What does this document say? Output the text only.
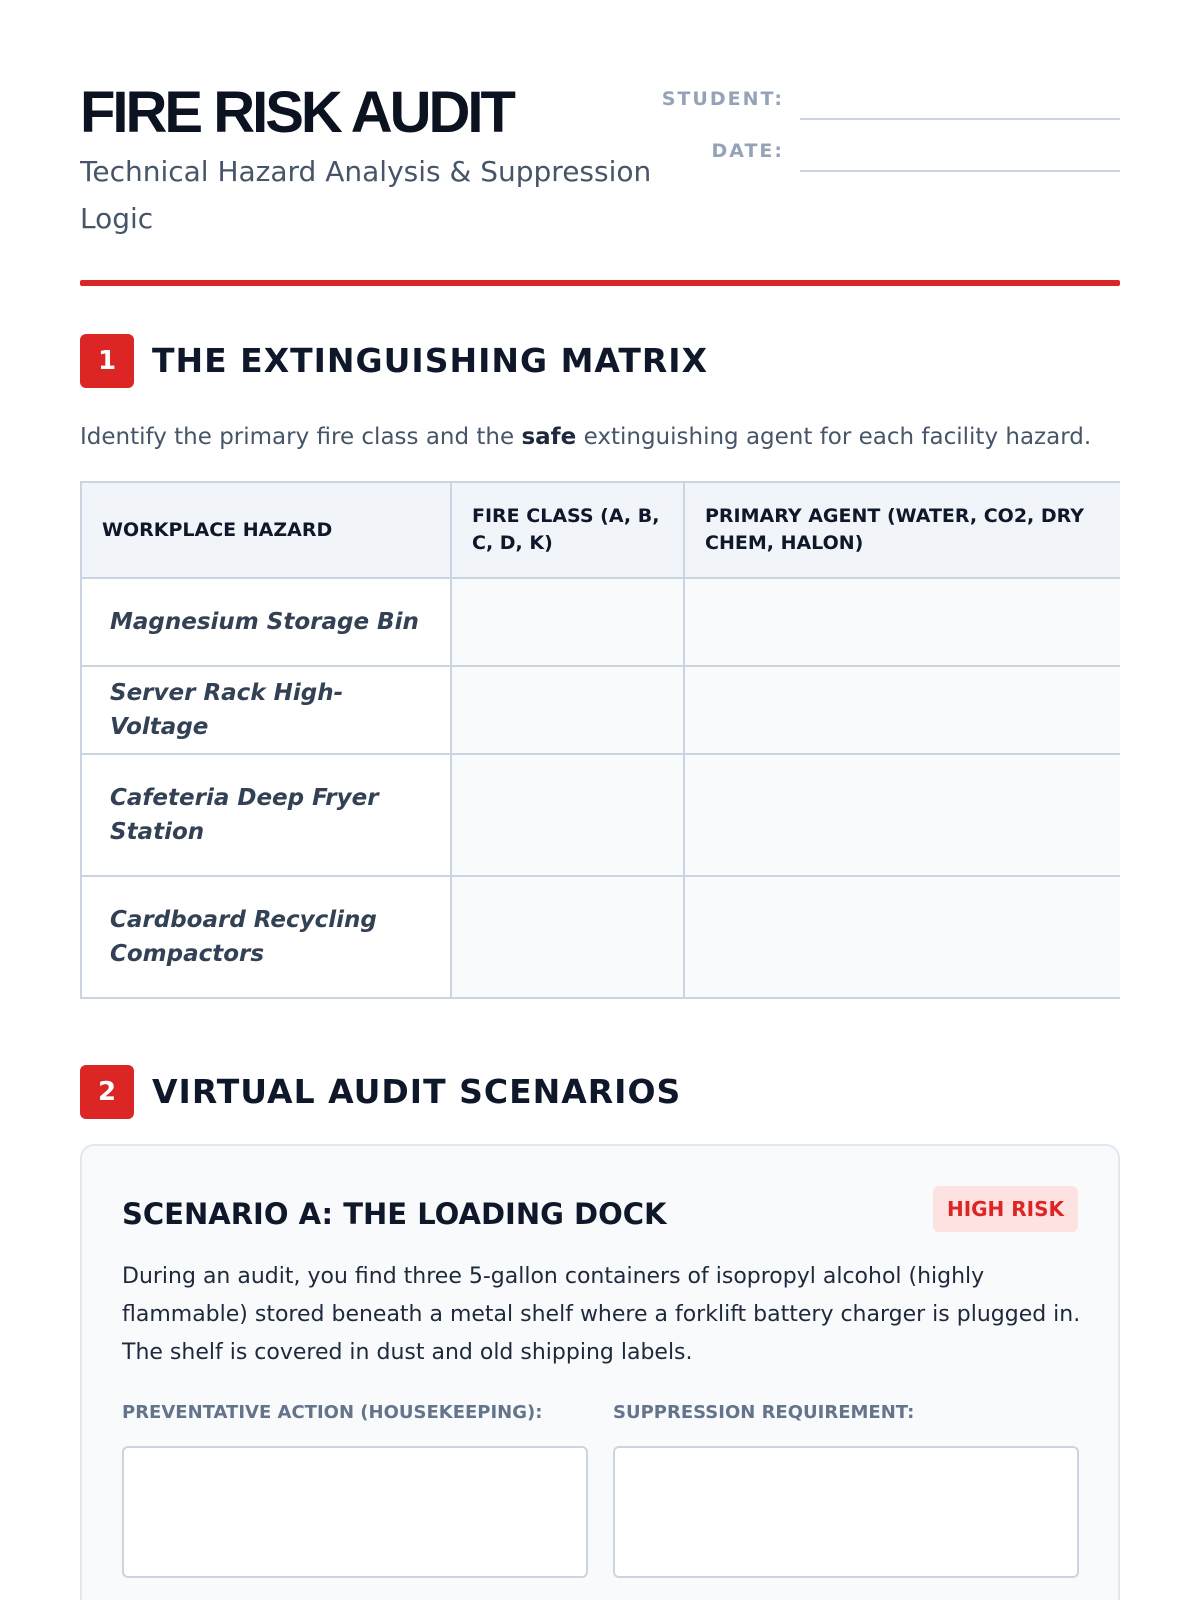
FIRE RISK AUDIT
Technical Hazard Analysis & Suppression Logic
STUDENT:
DATE:
1	THE EXTINGUISHING MATRIX
Identify the primary fire class and the safe extinguishing agent for each facility hazard.
WORKPLACE HAZARD	FIRE CLASS (A, B, C, D, K)	PRIMARY AGENT (WATER, CO2, DRY CHEM, HALON)
Magnesium Storage Bin		
Server Rack High-Voltage		
Cafeteria Deep Fryer Station		
Cardboard Recycling Compactors		
2	VIRTUAL AUDIT SCENARIOS
SCENARIO A: THE LOADING DOCK	HIGH RISK
During an audit, you find three 5-gallon containers of isopropyl alcohol (highly flammable) stored beneath a metal shelf where a forklift battery charger is plugged in. The shelf is covered in dust and old shipping labels.
PREVENTATIVE ACTION (HOUSEKEEPING):	SUPPRESSION REQUIREMENT:
